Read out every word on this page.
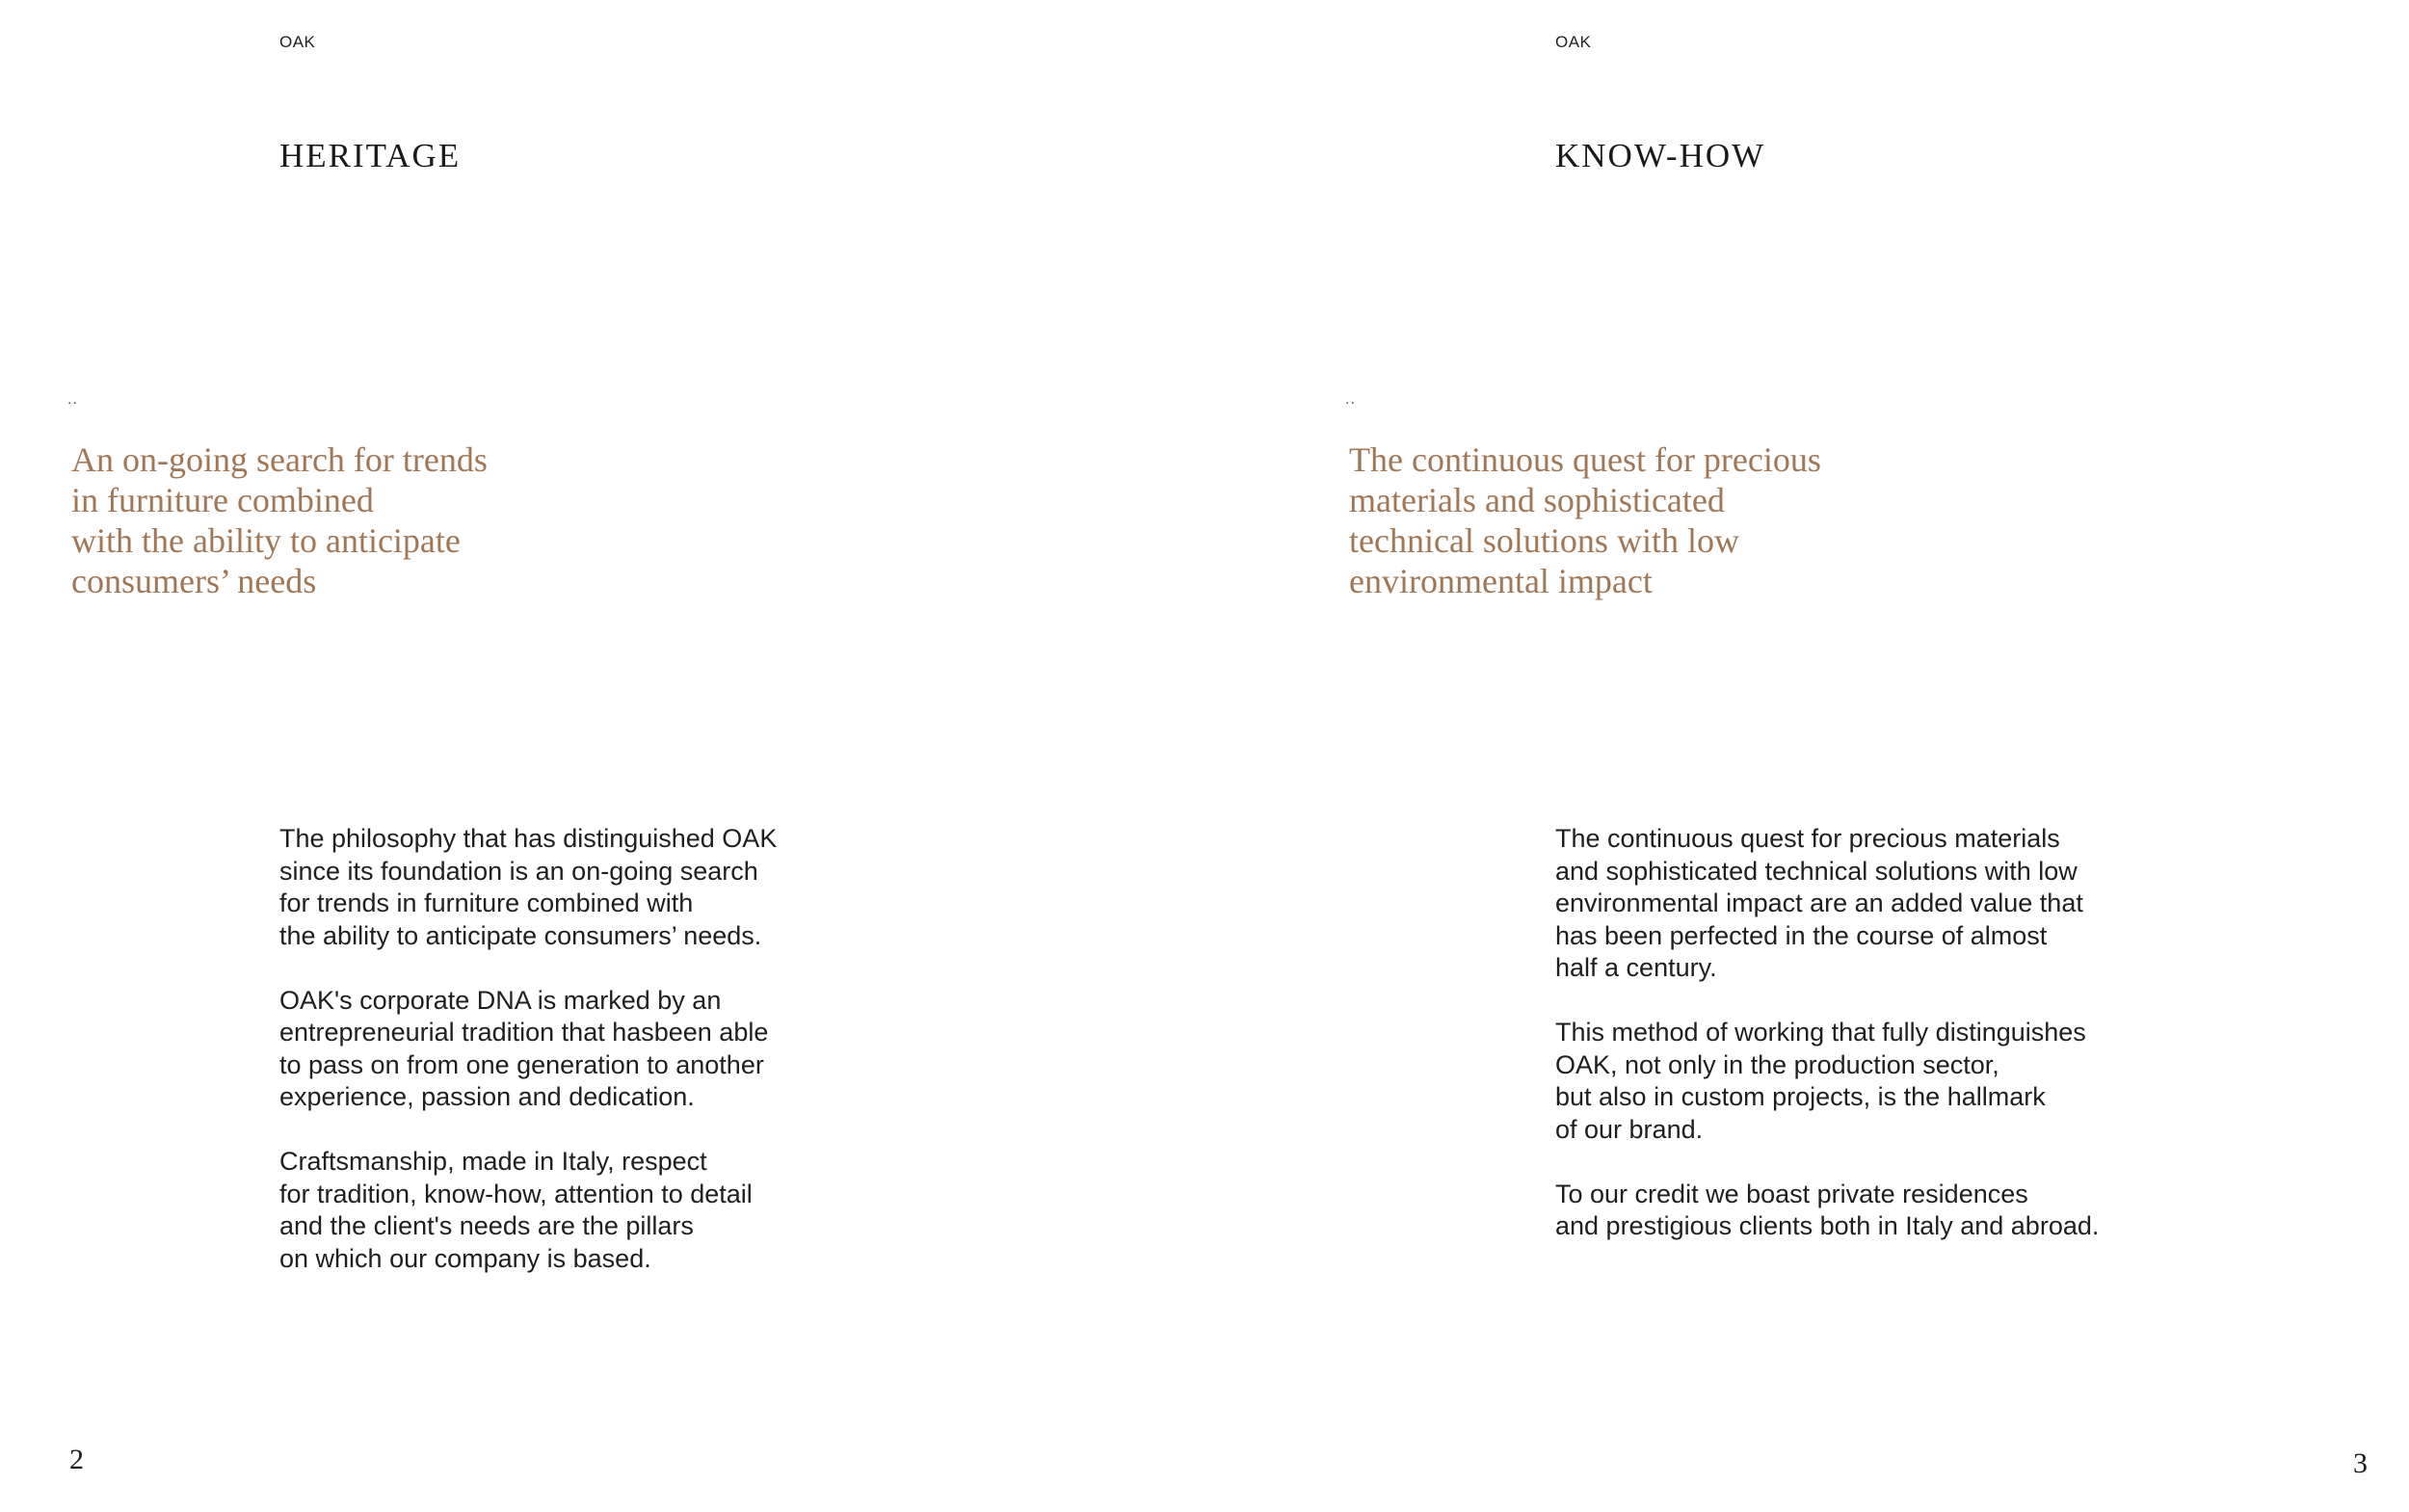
OAK
HERITAGE
..

An on-going search for trends
in furniture combined
with the ability to anticipate
consumers’ needs

The philosophy that has distinguished OAK
since its foundation is an on-going search
for trends in furniture combined with
the ability to anticipate consumers’ needs.

OAK's corporate DNA is marked by an
entrepreneurial tradition that hasbeen able
to pass on from one generation to another
experience, passion and dedication.

Craftsmanship, made in Italy, respect
for tradition, know-how, attention to detail
and the client's needs are the pillars
on which our company is based.

2
OAK
KNOW-HOW
..

The continuous quest for precious
materials and sophisticated
technical solutions with low
environmental impact

The continuous quest for precious materials
and sophisticated technical solutions with low
environmental impact are an added value that
has been perfected in the course of almost
half a century.

This method of working that fully distinguishes
OAK, not only in the production sector,
but also in custom projects, is the hallmark
of our brand.

To our credit we boast private residences
and prestigious clients both in Italy and abroad.

3
